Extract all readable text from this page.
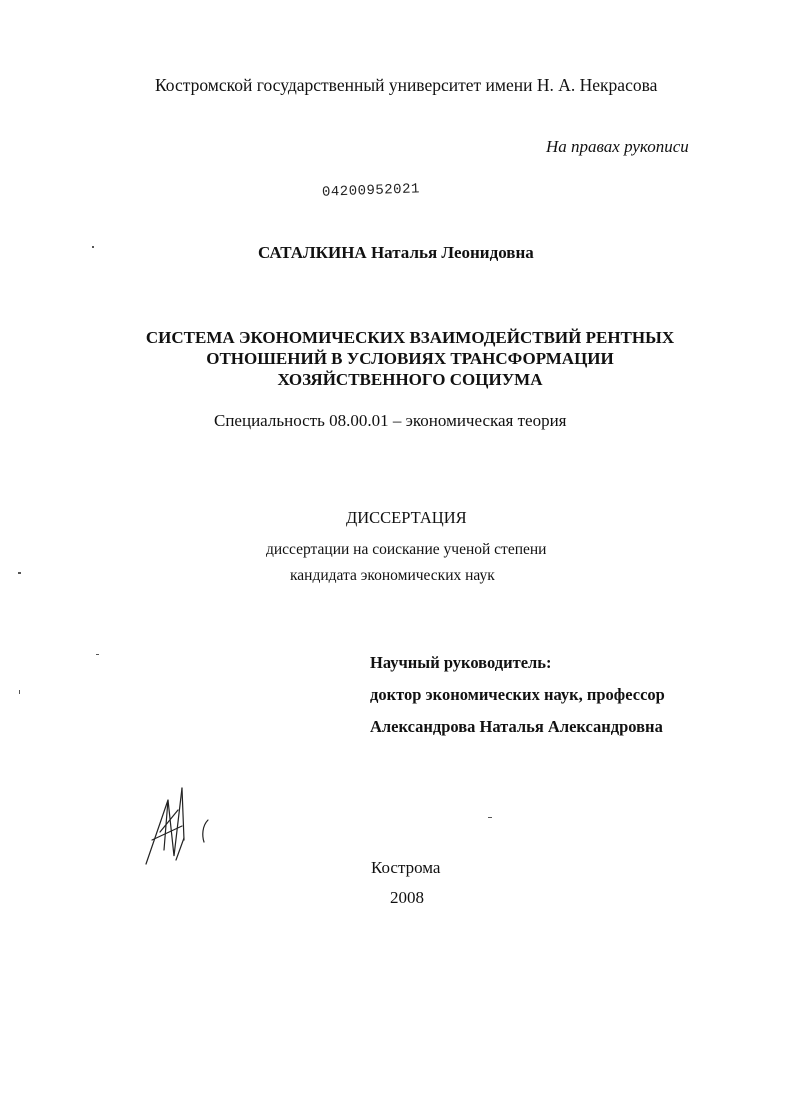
Костромской государственный университет имени Н. А. Некрасова
На правах рукописи
04200952021
САТАЛКИНА Наталья Леонидовна
СИСТЕМА ЭКОНОМИЧЕСКИХ ВЗАИМОДЕЙСТВИЙ РЕНТНЫХ
ОТНОШЕНИЙ В УСЛОВИЯХ ТРАНСФОРМАЦИИ
ХОЗЯЙСТВЕННОГО СОЦИУМА
Специальность 08.00.01 – экономическая теория
ДИССЕРТАЦИЯ
диссертации на соискание ученой степени
кандидата экономических наук
Научный руководитель:
доктор экономических наук, профессор
Александрова Наталья Александровна
Кострома
2008
